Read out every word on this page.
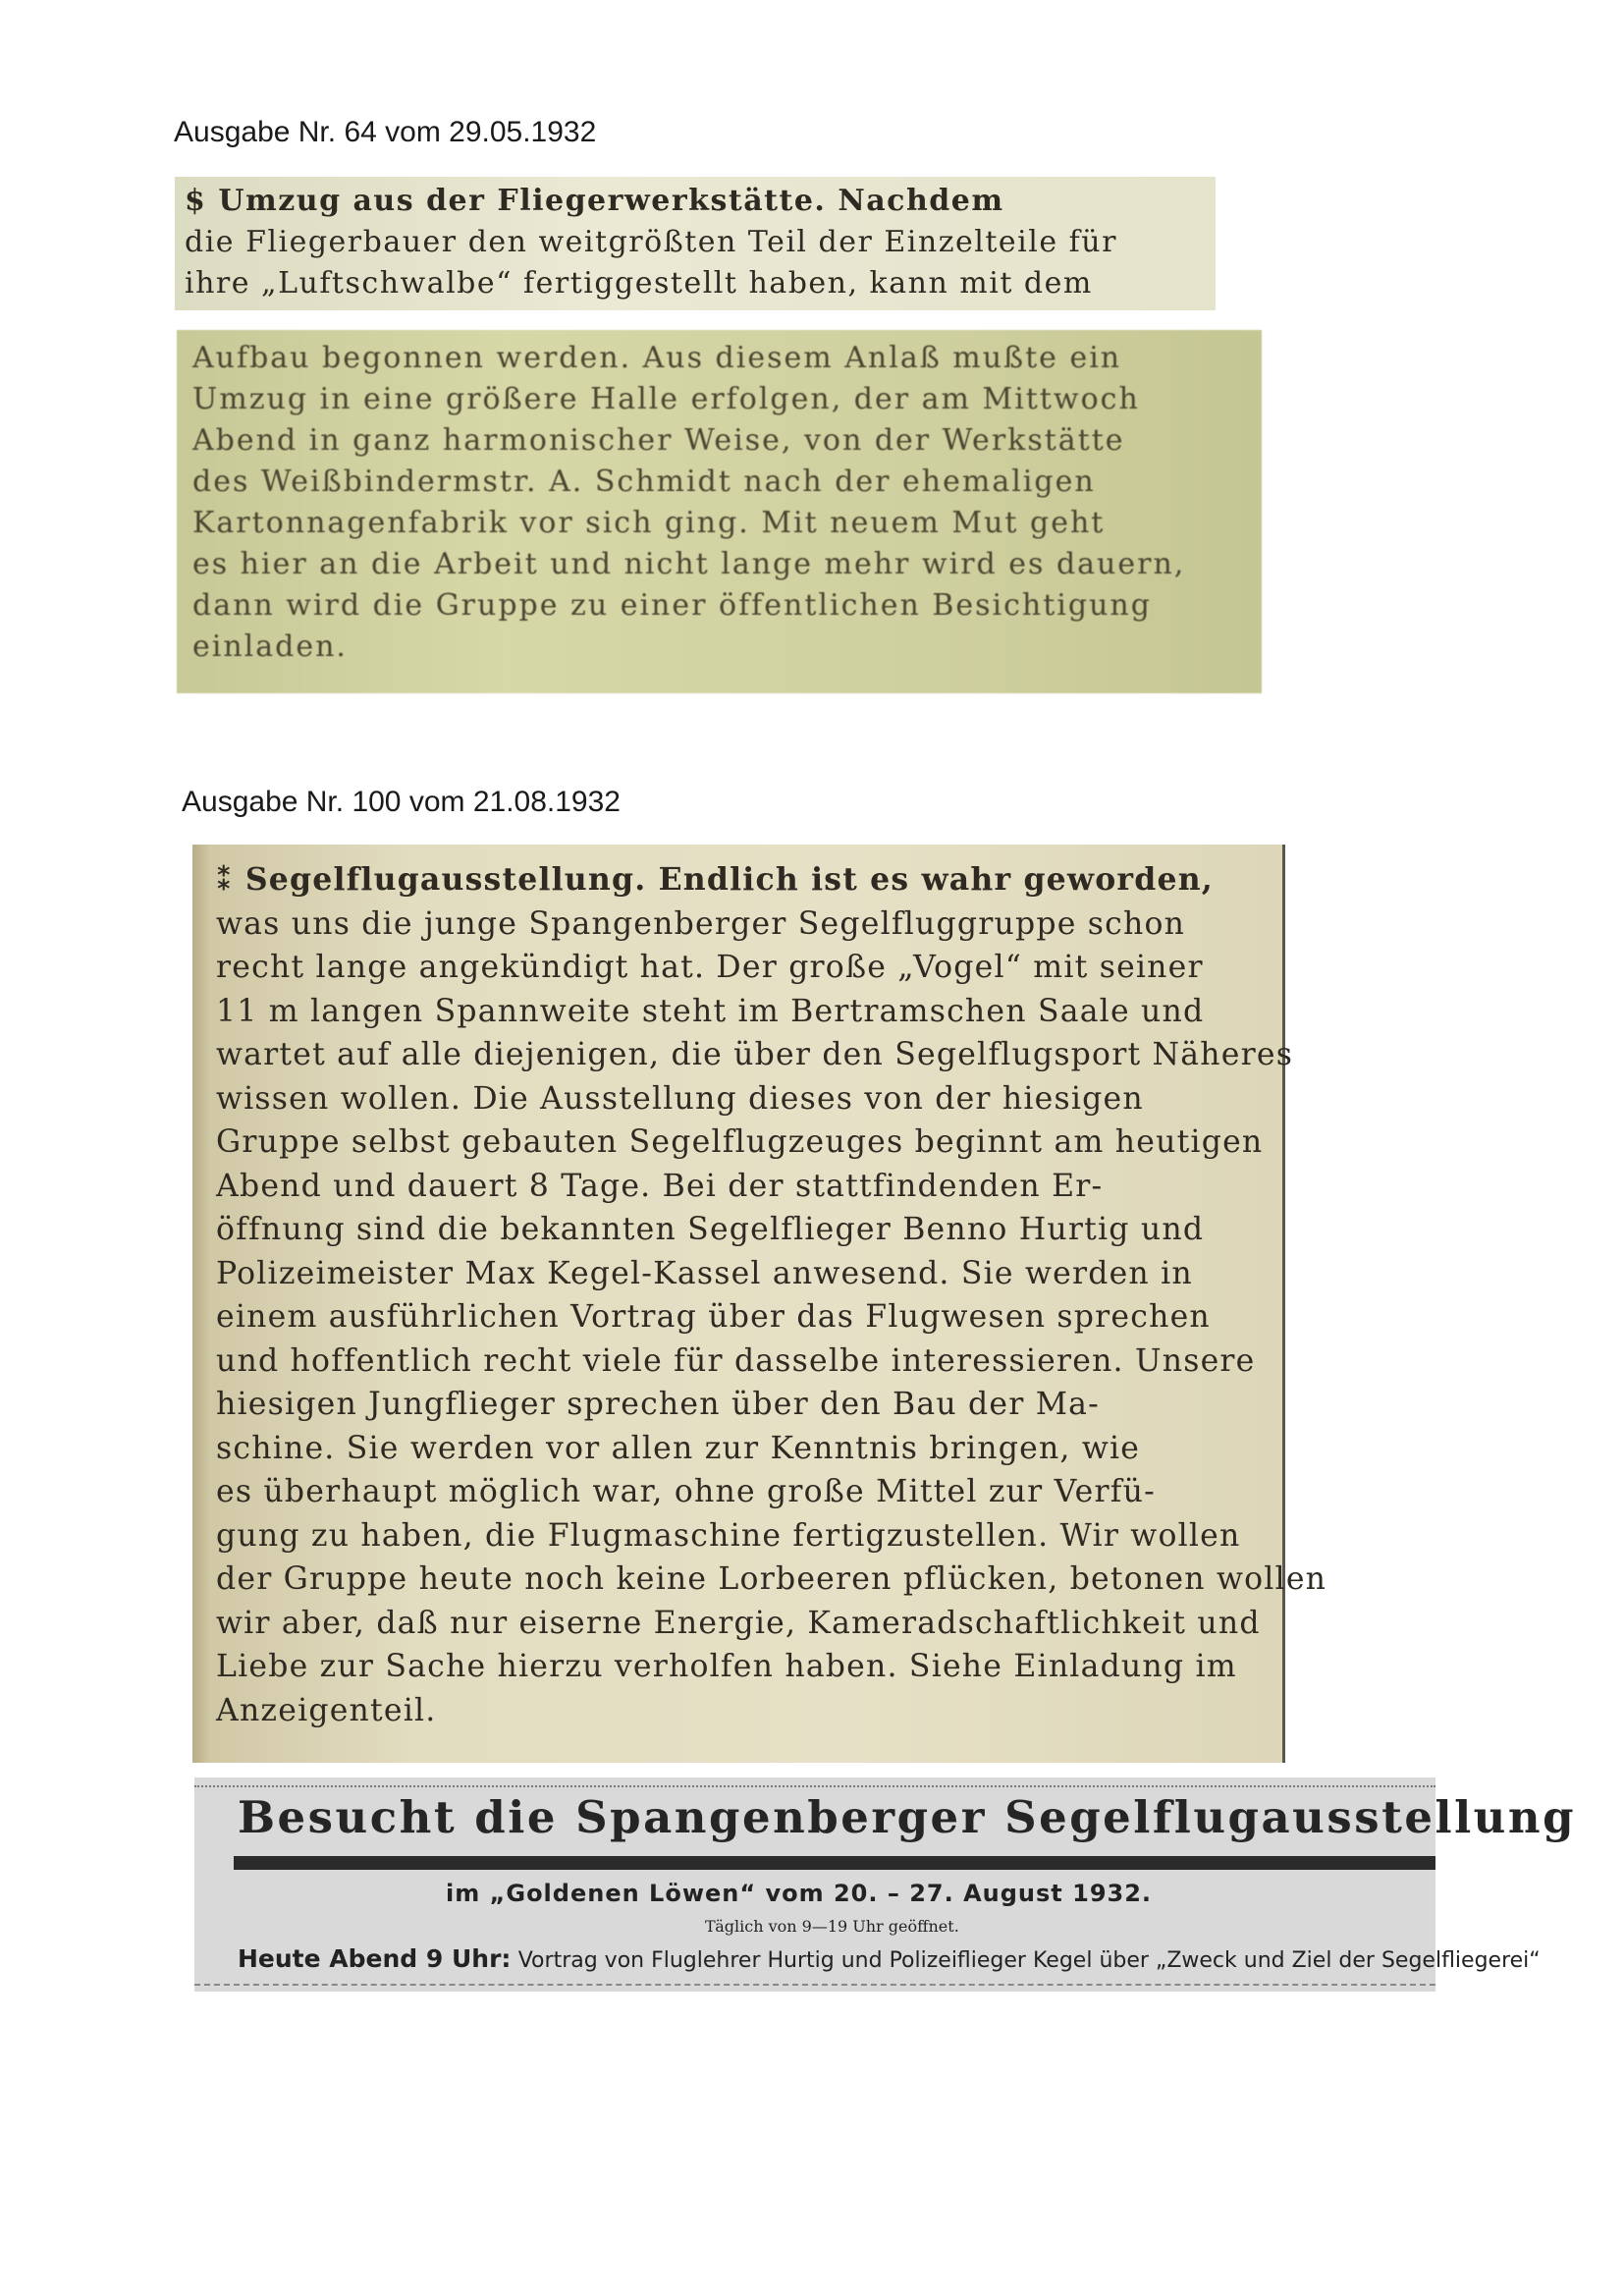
Ausgabe Nr. 64 vom 29.05.1932
$ Umzug aus der Fliegerwerkstätte. Nachdem
die Fliegerbauer den weitgrößten Teil der Einzelteile für
ihre „Luftschwalbe“ fertiggestellt haben, kann mit dem
Aufbau begonnen werden. Aus diesem Anlaß mußte ein
Umzug in eine größere Halle erfolgen, der am Mittwoch
Abend in ganz harmonischer Weise, von der Werkstätte
des Weißbindermstr. A. Schmidt nach der ehemaligen
Kartonnagenfabrik vor sich ging. Mit neuem Mut geht
es hier an die Arbeit und nicht lange mehr wird es dauern,
dann wird die Gruppe zu einer öffentlichen Besichtigung
einladen.
Ausgabe Nr. 100 vom 21.08.1932
⁑ Segelflugausstellung. Endlich ist es wahr geworden,
was uns die junge Spangenberger Segelfluggruppe schon
recht lange angekündigt hat. Der große „Vogel“ mit seiner
11 m langen Spannweite steht im Bertramschen Saale und
wartet auf alle diejenigen, die über den Segelflugsport Näheres
wissen wollen. Die Ausstellung dieses von der hiesigen
Gruppe selbst gebauten Segelflugzeuges beginnt am heutigen
Abend und dauert 8 Tage. Bei der stattfindenden Er-
öffnung sind die bekannten Segelflieger Benno Hurtig und
Polizeimeister Max Kegel-Kassel anwesend. Sie werden in
einem ausführlichen Vortrag über das Flugwesen sprechen
und hoffentlich recht viele für dasselbe interessieren. Unsere
hiesigen Jungflieger sprechen über den Bau der Ma-
schine. Sie werden vor allen zur Kenntnis bringen, wie
es überhaupt möglich war, ohne große Mittel zur Verfü-
gung zu haben, die Flugmaschine fertigzustellen. Wir wollen
der Gruppe heute noch keine Lorbeeren pflücken, betonen wollen
wir aber, daß nur eiserne Energie, Kameradschaftlichkeit und
Liebe zur Sache hierzu verholfen haben. Siehe Einladung im
Anzeigenteil.
Besucht die Spangenberger Segelflugausstellung
im „Goldenen Löwen“ vom 20. – 27. August 1932.
Täglich von 9—19 Uhr geöffnet.
Heute Abend 9 Uhr: Vortrag von Fluglehrer Hurtig und Polizeiflieger Kegel über „Zweck und Ziel der Segelfliegerei“
